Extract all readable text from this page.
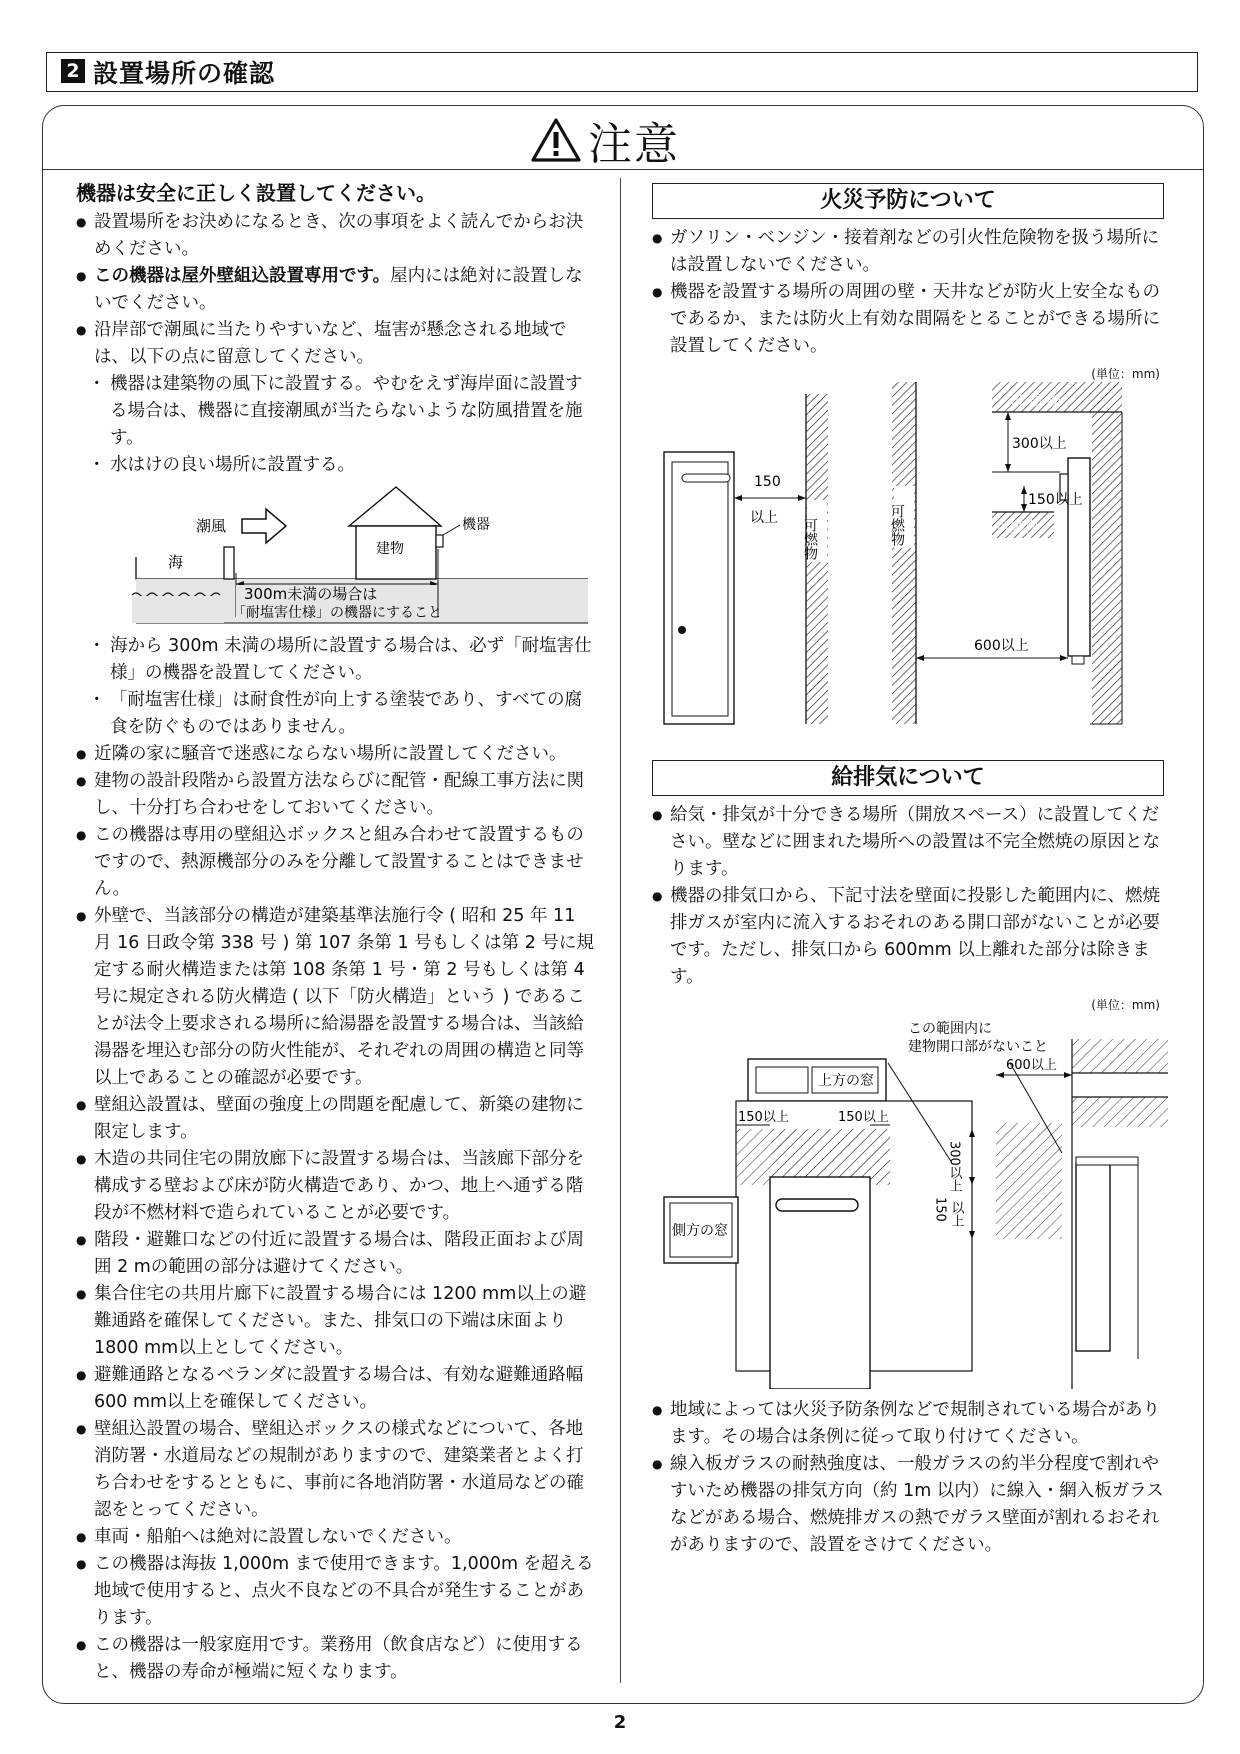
2 設置場所の確認
注意
機器は安全に正しく設置してください。
● 設置場所をお決めになるとき、次の事項をよく読んでからお決めください。
● この機器は屋外壁組込設置専用です。屋内には絶対に設置しないでください。
● 沿岸部で潮風に当たりやすいなど、塩害が懸念される地域では、以下の点に留意してください。
・ 機器は建築物の風下に設置する。やむをえず海岸面に設置する場合は、機器に直接潮風が当たらないような防風措置を施す。
・ 水はけの良い場所に設置する。
潮風
建物
機器
海
300m未満の場合は
「耐塩害仕様」の機器にすること
・ 海から 300m 未満の場所に設置する場合は、必ず「耐塩害仕様」の機器を設置してください。
・ 「耐塩害仕様」は耐食性が向上する塗装であり、すべての腐食を防ぐものではありません。
● 近隣の家に騒音で迷惑にならない場所に設置してください。
● 建物の設計段階から設置方法ならびに配管・配線工事方法に関し、十分打ち合わせをしておいてください。
● この機器は専用の壁組込ボックスと組み合わせて設置するものですので、熱源機部分のみを分離して設置することはできません。
● 外壁で、当該部分の構造が建築基準法施行令 ( 昭和 25 年 11 月 16 日政令第 338 号 ) 第 107 条第 1 号もしくは第 2 号に規定する耐火構造または第 108 条第 1 号・第 2 号もしくは第 4 号に規定される防火構造 ( 以下「防火構造」という ) であることが法令上要求される場所に給湯器を設置する場合は、当該給湯器を埋込む部分の防火性能が、それぞれの周囲の構造と同等以上であることの確認が必要です。
● 壁組込設置は、壁面の強度上の問題を配慮して、新築の建物に限定します。
● 木造の共同住宅の開放廊下に設置する場合は、当該廊下部分を構成する壁および床が防火構造であり、かつ、地上へ通ずる階段が不燃材料で造られていることが必要です。
● 階段・避難口などの付近に設置する場合は、階段正面および周囲 2 mの範囲の部分は避けてください。
● 集合住宅の共用片廊下に設置する場合には 1200 mm以上の避難通路を確保してください。また、排気口の下端は床面より 1800 mm以上としてください。
● 避難通路となるベランダに設置する場合は、有効な避難通路幅 600 mm以上を確保してください。
● 壁組込設置の場合、壁組込ボックスの様式などについて、各地消防署・水道局などの規制がありますので、建築業者とよく打ち合わせをするとともに、事前に各地消防署・水道局などの確認をとってください。
● 車両・船舶へは絶対に設置しないでください。
● この機器は海抜 1,000m まで使用できます。1,000m を超える地域で使用すると、点火不良などの不具合が発生することがあります。
● この機器は一般家庭用です。業務用（飲食店など）に使用すると、機器の寿命が極端に短くなります。
火災予防について
● ガソリン・ベンジン・接着剤などの引火性危険物を扱う場所には設置しないでください。
● 機器を設置する場所の周囲の壁・天井などが防火上安全なものであるか、または防火上有効な間隔をとることができる場所に設置してください。
(単位：mm)
可 燃 物
150
以上
300以上
150以上
可燃物
600以上
可燃物	可燃物
給排気について
● 給気・排気が十分できる場所（開放スペース）に設置してください。壁などに囲まれた場所への設置は不完全燃焼の原因となります。
● 機器の排気口から、下記寸法を壁面に投影した範囲内に、燃焼排ガスが室内に流入するおそれのある開口部がないことが必要です。ただし、排気口から 600mm 以上離れた部分は除きます。
(単位：mm)
この範囲内に
建物開口部がないこと
上方の窓
側方の窓
150以上	150以上
600以上
300以上
150 以上
● 地域によっては火災予防条例などで規制されている場合があります。その場合は条例に従って取り付けてください。
● 線入板ガラスの耐熱強度は、一般ガラスの約半分程度で割れやすいため機器の排気方向（約 1m 以内）に線入・網入板ガラスなどがある場合、燃焼排ガスの熱でガラス壁面が割れるおそれがありますので、設置をさけてください。
2
